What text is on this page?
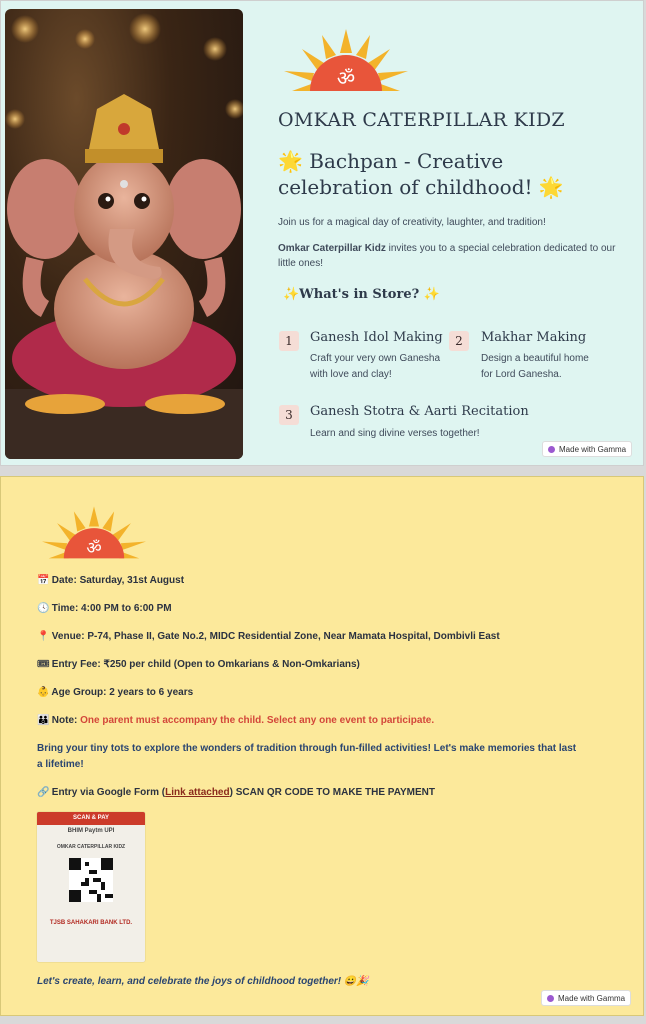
ॐ
OMKAR CATERPILLAR KIDZ
🌟 Bachpan - Creative celebration of childhood! 🌟
Join us for a magical day of creativity, laughter, and tradition!
Omkar Caterpillar Kidz invites you to a special celebration dedicated to our little ones!
✨What's in Store? ✨
1	Ganesh Idol Making
Craft your very own Ganesha with love and clay!
2	Makhar Making
Design a beautiful home for Lord Ganesha.
3	Ganesh Stotra & Aarti Recitation
Learn and sing divine verses together!
Made with Gamma
ॐ
📅 Date: Saturday, 31st August
🕓 Time: 4:00 PM to 6:00 PM
📍 Venue: P-74, Phase II, Gate No.2, MIDC Residential Zone, Near Mamata Hospital, Dombivli East
🎟 Entry Fee: ₹250 per child (Open to Omkarians & Non-Omkarians)
👶 Age Group: 2 years to 6 years
👪 Note: One parent must accompany the child. Select any one event to participate.
Bring your tiny tots to explore the wonders of tradition through fun-filled activities! Let's make memories that last
a lifetime!
🔗 Entry via Google Form (Link attached) SCAN QR CODE TO MAKE THE PAYMENT
SCAN & PAY
BHIM Paytm UPI
OMKAR CATERPILLAR KIDZ
TJSB SAHAKARI BANK LTD.
Let's create, learn, and celebrate the joys of childhood together! 😀🎉
Made with Gamma
